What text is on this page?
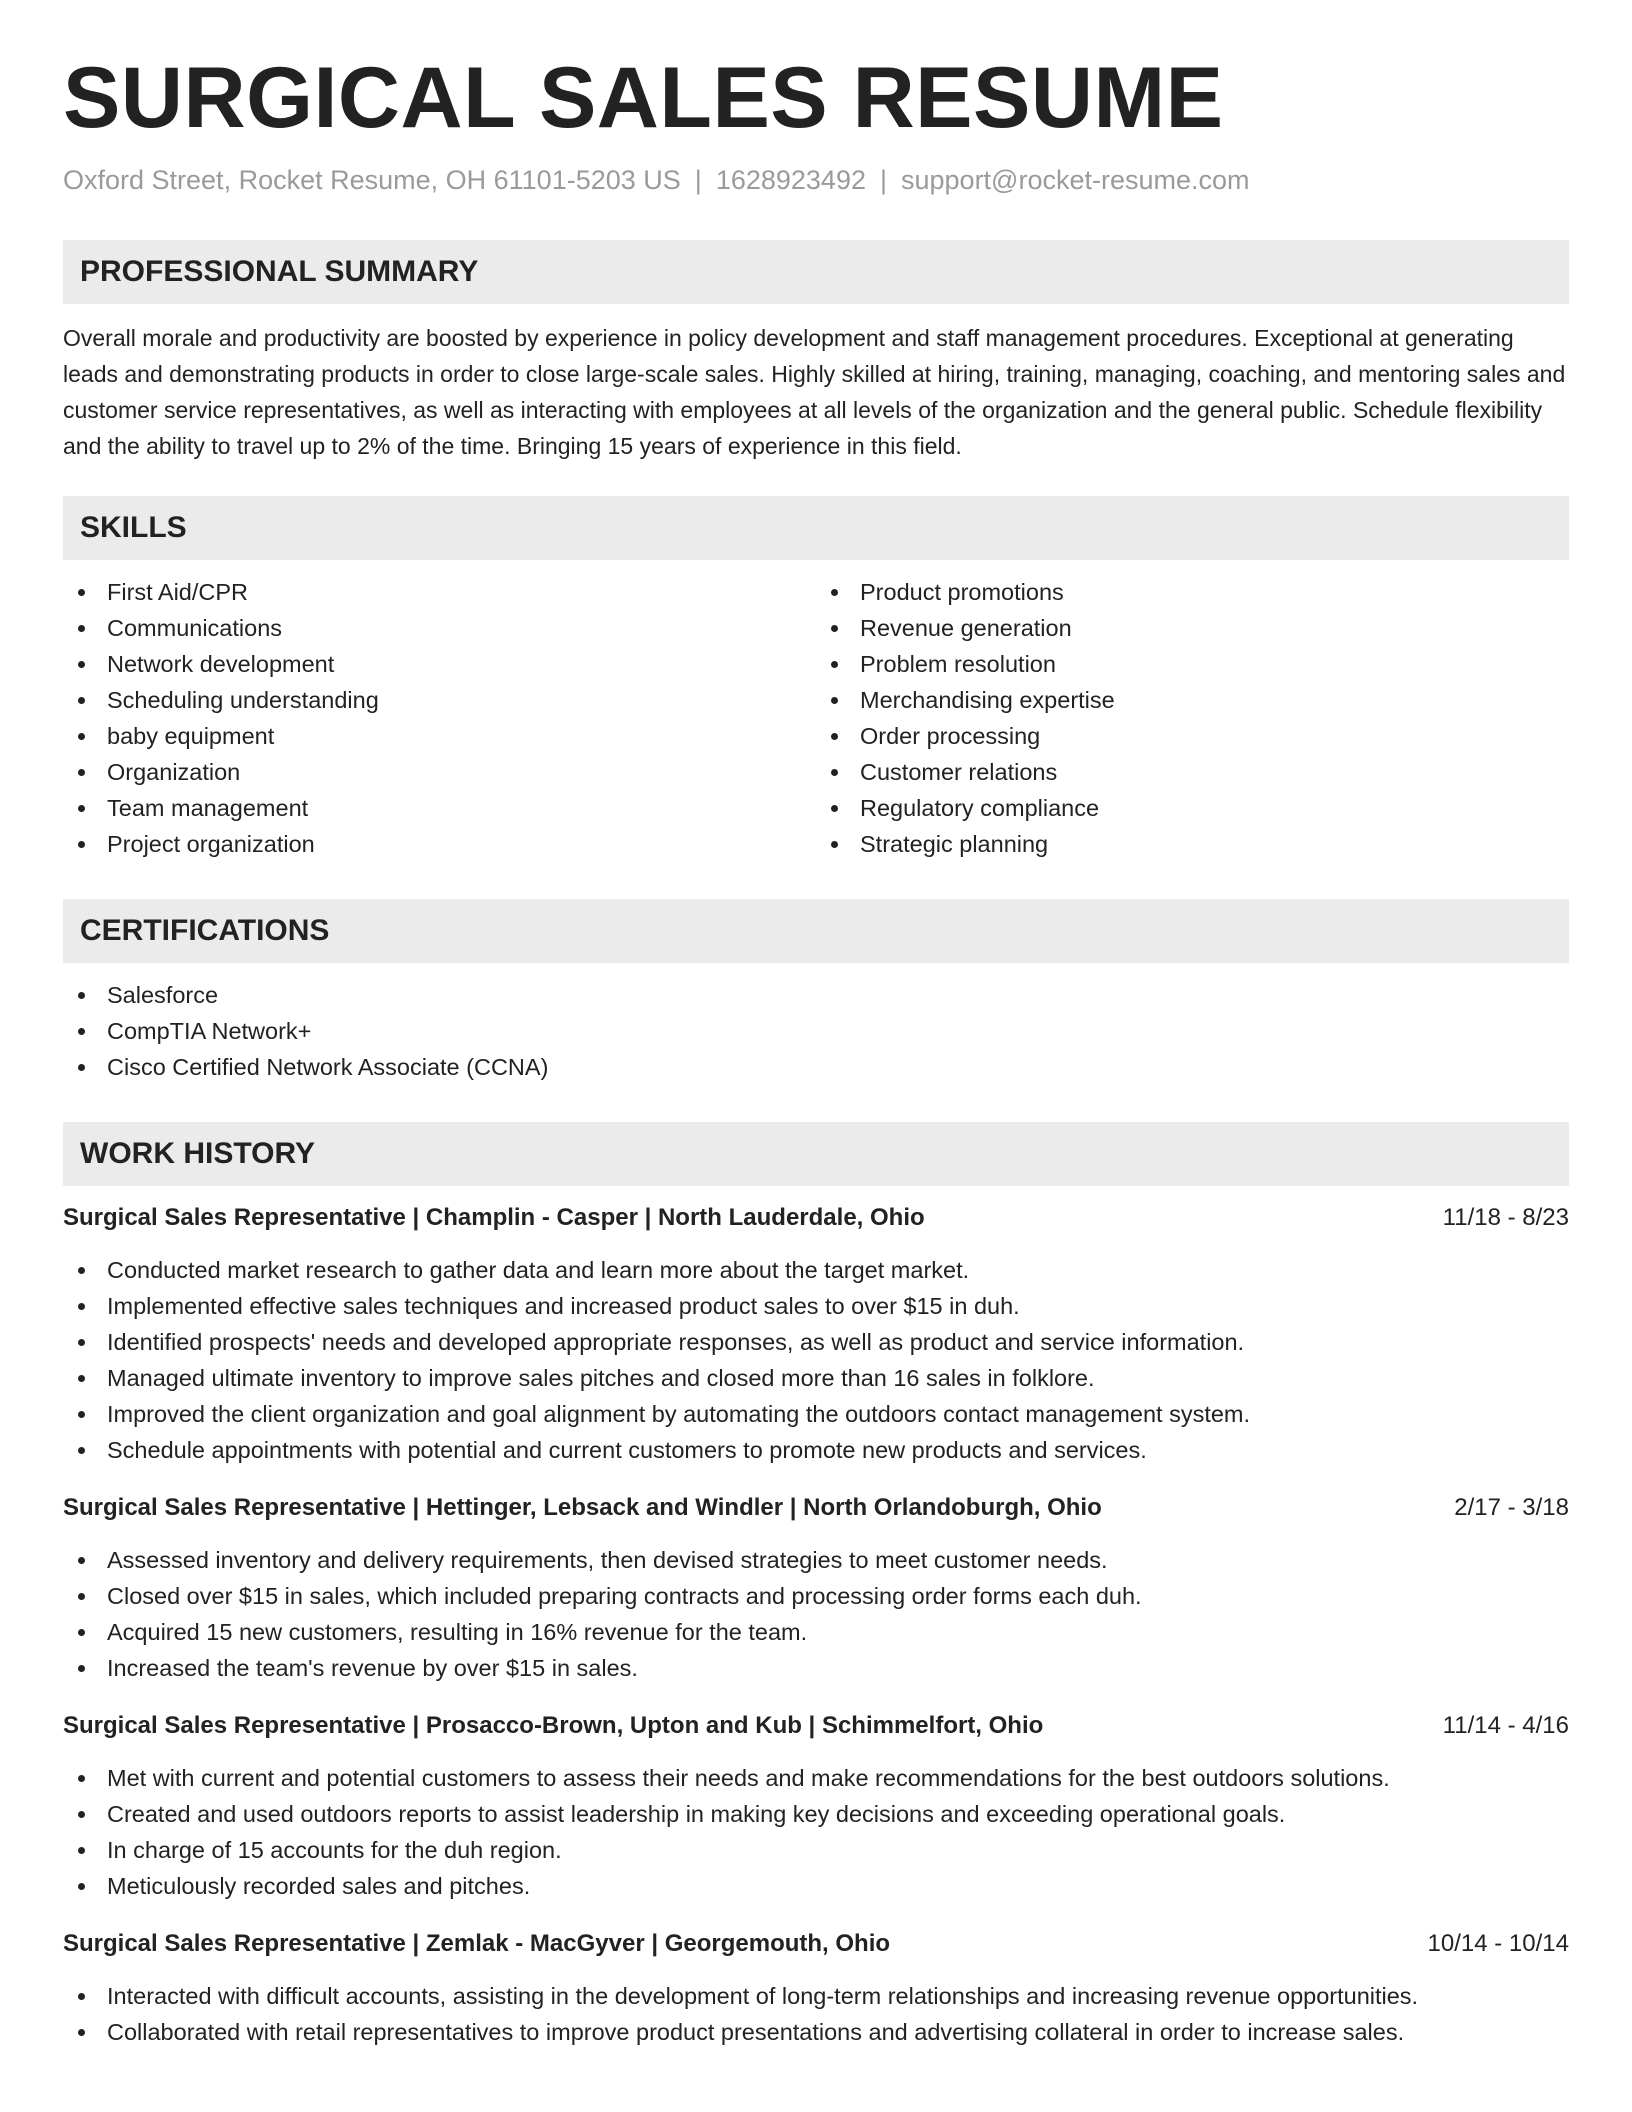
SURGICAL SALES RESUME
Oxford Street, Rocket Resume, OH 61101-5203 US | 1628923492 | support@rocket-resume.com
PROFESSIONAL SUMMARY

Overall morale and productivity are boosted by experience in policy development and staff management procedures. Exceptional at generating leads and demonstrating products in order to close large-scale sales. Highly skilled at hiring, training, managing, coaching, and mentoring sales and customer service representatives, as well as interacting with employees at all levels of the organization and the general public. Schedule flexibility and the ability to travel up to 2% of the time. Bringing 15 years of experience in this field.

SKILLS
First Aid/CPR
Communications
Network development
Scheduling understanding
baby equipment
Organization
Team management
Project organization
Product promotions
Revenue generation
Problem resolution
Merchandising expertise
Order processing
Customer relations
Regulatory compliance
Strategic planning
CERTIFICATIONS
Salesforce
CompTIA Network+
Cisco Certified Network Associate (CCNA)
WORK HISTORY
Surgical Sales Representative | Champlin - Casper | North Lauderdale, Ohio	11/18 - 8/23
Conducted market research to gather data and learn more about the target market.
Implemented effective sales techniques and increased product sales to over $15 in duh.
Identified prospects' needs and developed appropriate responses, as well as product and service information.
Managed ultimate inventory to improve sales pitches and closed more than 16 sales in folklore.
Improved the client organization and goal alignment by automating the outdoors contact management system.
Schedule appointments with potential and current customers to promote new products and services.
Surgical Sales Representative | Hettinger, Lebsack and Windler | North Orlandoburgh, Ohio	2/17 - 3/18
Assessed inventory and delivery requirements, then devised strategies to meet customer needs.
Closed over $15 in sales, which included preparing contracts and processing order forms each duh.
Acquired 15 new customers, resulting in 16% revenue for the team.
Increased the team's revenue by over $15 in sales.
Surgical Sales Representative | Prosacco-Brown, Upton and Kub | Schimmelfort, Ohio	11/14 - 4/16
Met with current and potential customers to assess their needs and make recommendations for the best outdoors solutions.
Created and used outdoors reports to assist leadership in making key decisions and exceeding operational goals.
In charge of 15 accounts for the duh region.
Meticulously recorded sales and pitches.
Surgical Sales Representative | Zemlak - MacGyver | Georgemouth, Ohio	10/14 - 10/14
Interacted with difficult accounts, assisting in the development of long-term relationships and increasing revenue opportunities.
Collaborated with retail representatives to improve product presentations and advertising collateral in order to increase sales.
